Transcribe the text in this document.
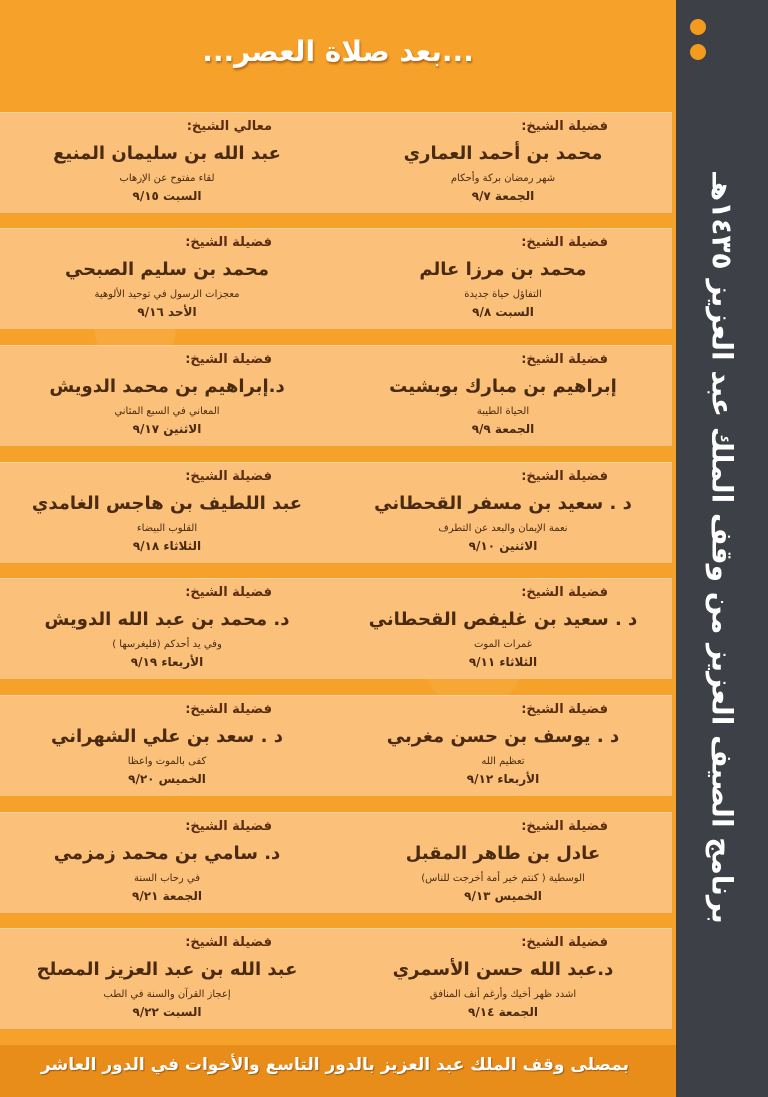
برنامج الصيف العزيز من وقف الملك عبد العزيز ١٤٣٥هـ
...بعد صلاة العصر...
فضيلة الشيخ:
محمد بن أحمد العماري
شهر رمضان بركة وأحكام
الجمعة ٩/٧
معالي الشيخ:
عبد الله بن سليمان المنيع
لقاء مفتوح عن الإرهاب
السبت ٩/١٥
فضيلة الشيخ:
محمد بن مرزا عالم
التفاؤل حياة جديدة
السبت ٩/٨
فضيلة الشيخ:
محمد بن سليم الصبحي
معجزات الرسول في توحيد الألوهية
الأحد ٩/١٦
فضيلة الشيخ:
إبراهيم بن مبارك بوبشيت
الحياة الطيبة
الجمعة ٩/٩
فضيلة الشيخ:
د.إبراهيم بن محمد الدويش
المعاني في السبع المثاني
الاثنين ٩/١٧
فضيلة الشيخ:
د . سعيد بن مسفر القحطاني
نعمة الإيمان والبعد عن التطرف
الاثنين ٩/١٠
فضيلة الشيخ:
عبد اللطيف بن هاجس الغامدي
القلوب البيضاء
الثلاثاء ٩/١٨
فضيلة الشيخ:
د . سعيد بن غليفص القحطاني
غمرات الموت
الثلاثاء ٩/١١
فضيلة الشيخ:
د. محمد بن عبد الله الدويش
وفي يد أحدكم (فليغرسها )
الأربعاء ٩/١٩
فضيلة الشيخ:
د . يوسف بن حسن مغربي
تعظيم الله
الأربعاء ٩/١٢
فضيلة الشيخ:
د . سعد بن علي الشهراني
كفى بالموت واعظا
الخميس ٩/٢٠
فضيلة الشيخ:
عادل بن طاهر المقبل
الوسطية ( كنتم خير أمة أخرجت للناس)
الخميس ٩/١٣
فضيلة الشيخ:
د. سامي بن محمد زمزمي
في رحاب السنة
الجمعة ٩/٢١
فضيلة الشيخ:
د.عبد الله حسن الأسمري
اشدد ظهر أخيك وأرغم أنف المنافق
الجمعة ٩/١٤
فضيلة الشيخ:
عبد الله بن عبد العزيز المصلح
إعجاز القرآن والسنة في الطب
السبت ٩/٢٢
بمصلى وقف الملك عبد العزيز بالدور التاسع والأخوات في الدور العاشر
